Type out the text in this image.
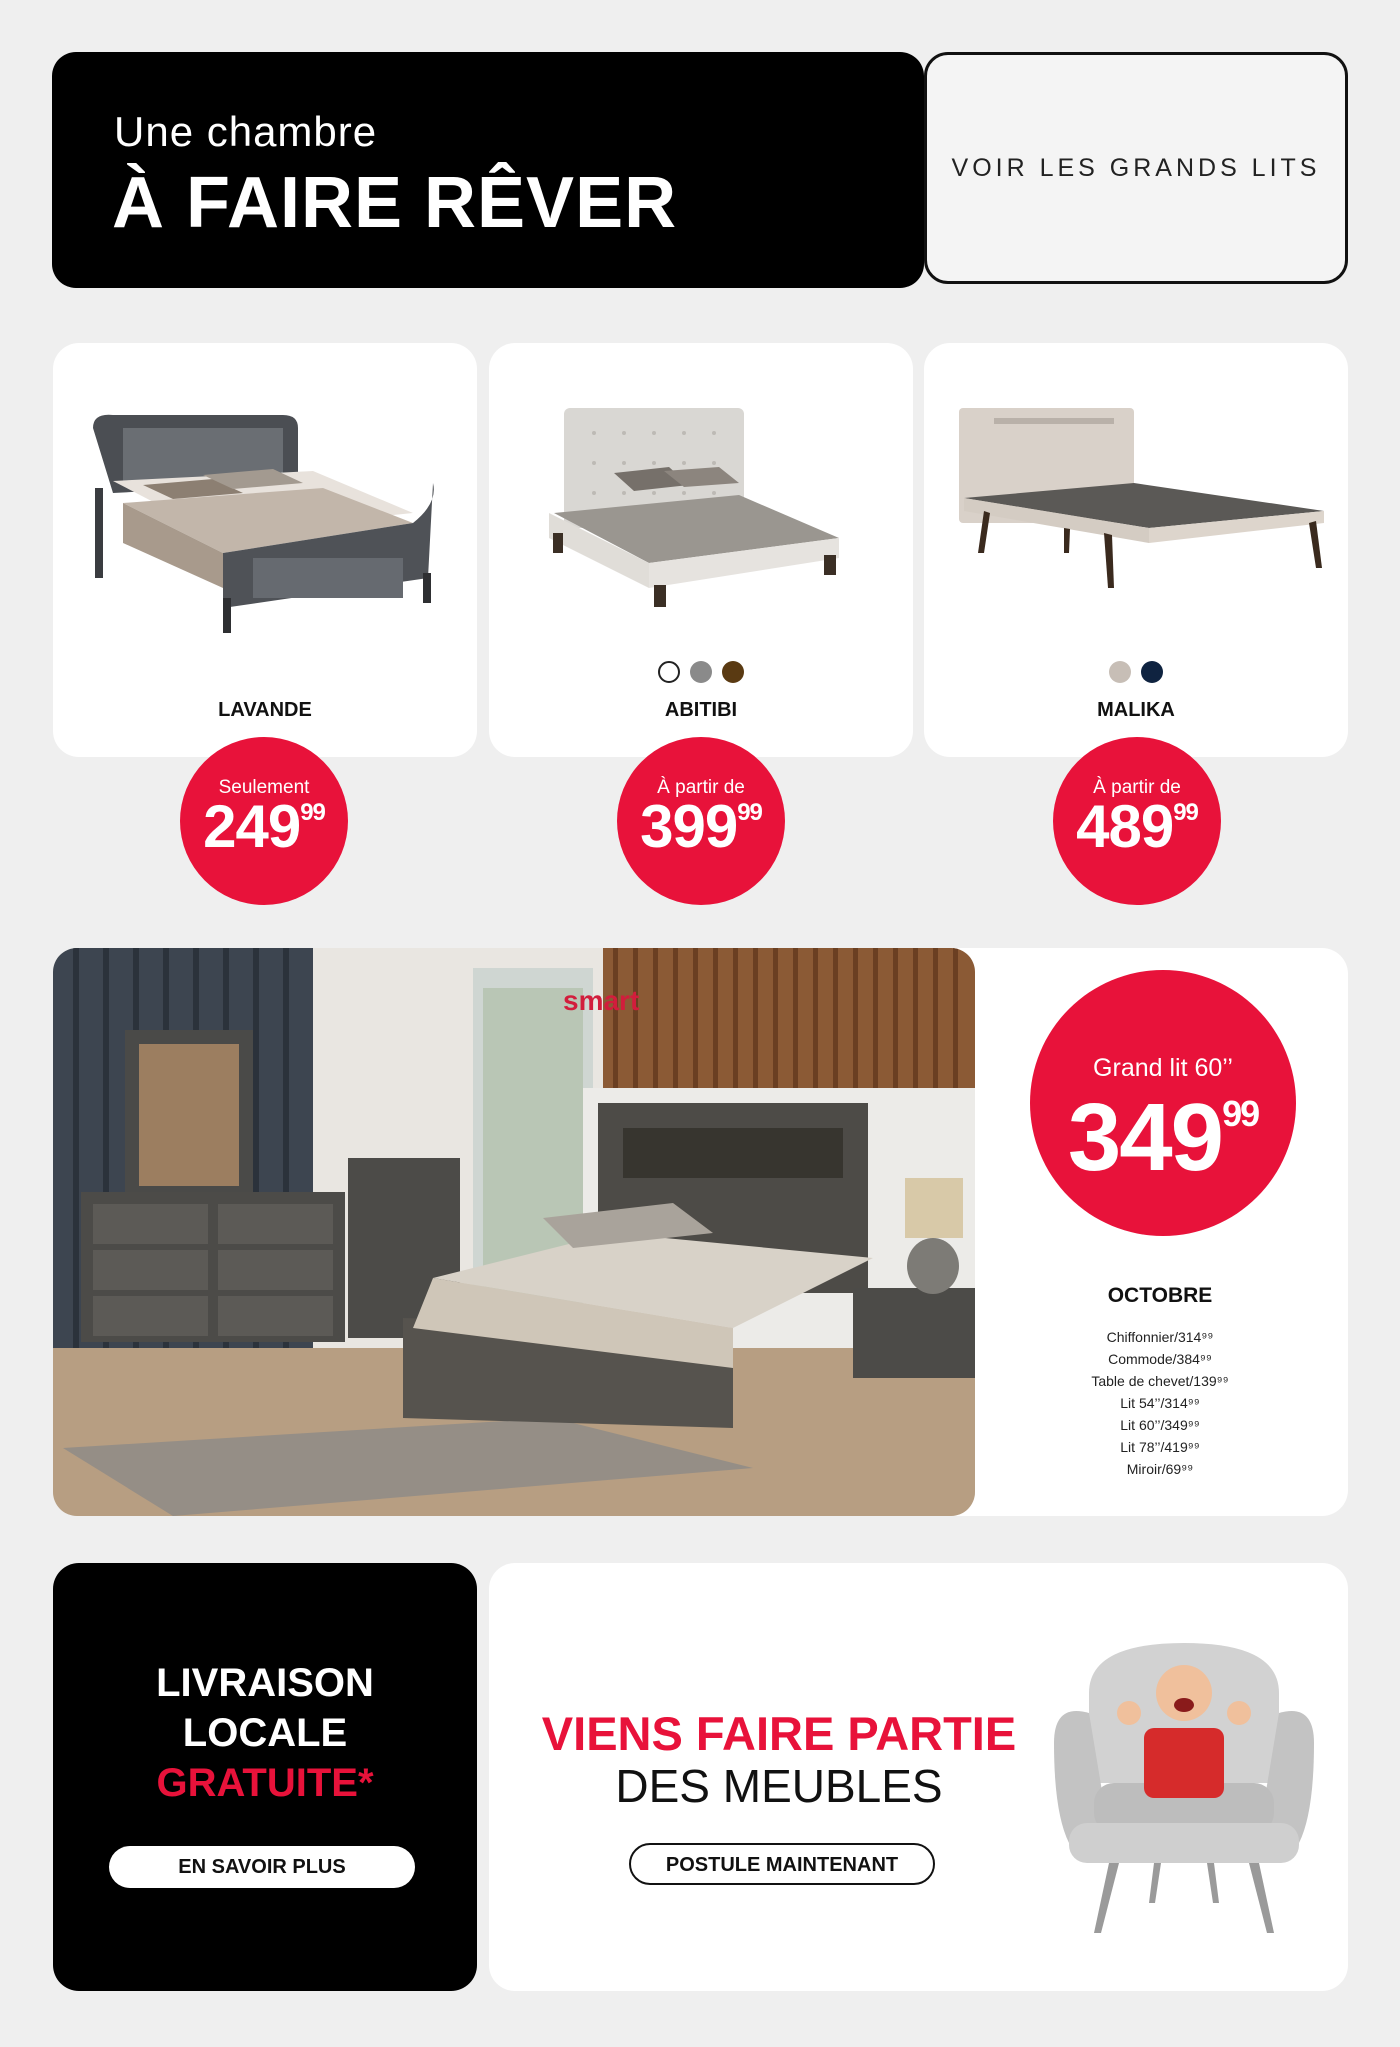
Une chambre
À FAIRE RÊVER	VOIR LES GRANDS LITS
LAVANDE
Seulement
$249^{99}$
ABITIBI
À partir de
$399^{99}$
MALIKA
À partir de
$489^{99}$
smart
Grand lit 60’’
$349^{99}$
OCTOBRE
Chiffonnier/314⁹⁹
Commode/384⁹⁹
Table de chevet/139⁹⁹
Lit 54’’/314⁹⁹
Lit 60’’/349⁹⁹
Lit 78’’/419⁹⁹
Miroir/69⁹⁹
LIVRAISON
LOCALE
GRATUITE*
EN SAVOIR PLUS
VIENS FAIRE PARTIE
DES MEUBLES
POSTULE MAINTENANT
